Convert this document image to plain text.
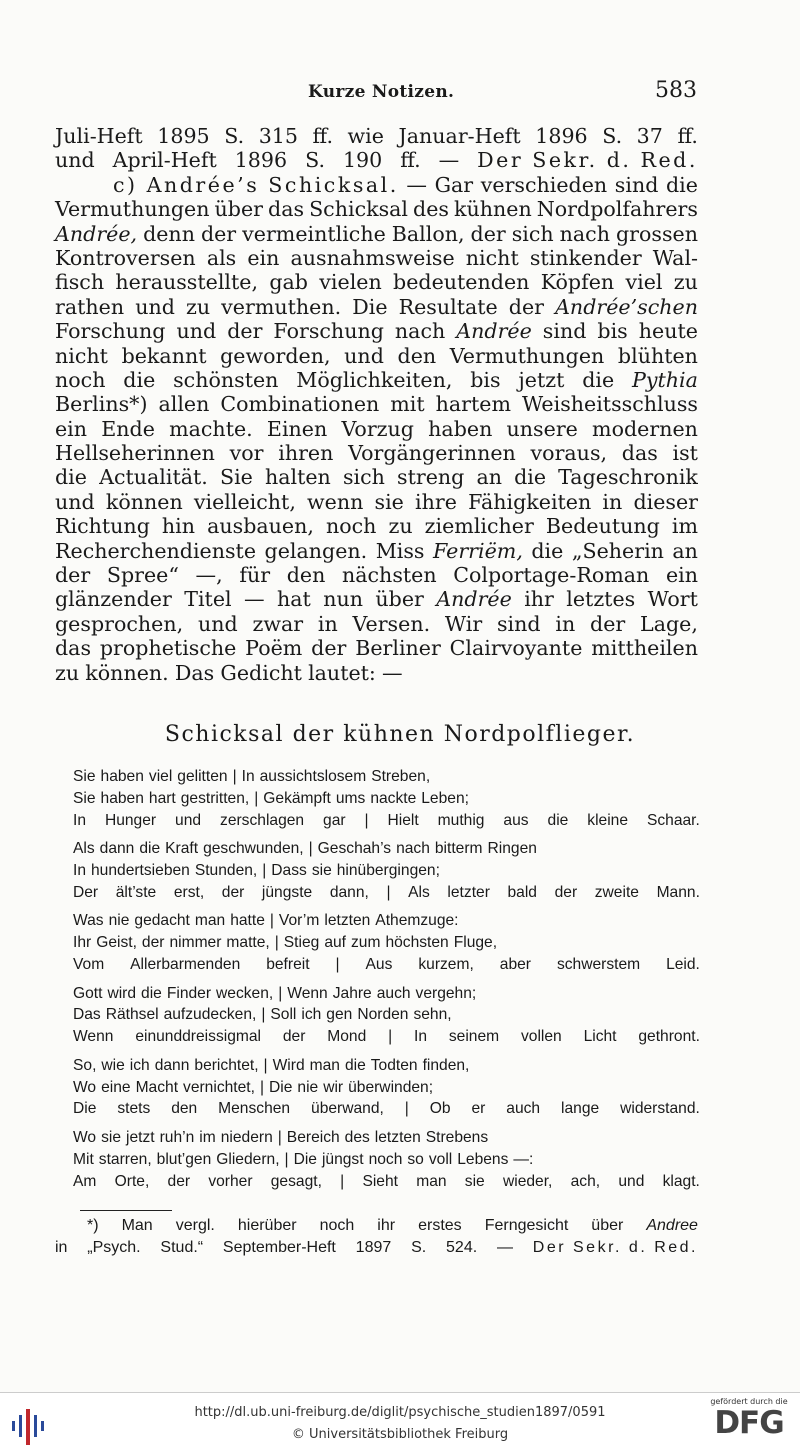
Kurze Notizen.	583
Juli-Heft 1895 S. 315 ff. wie Januar-Heft 1896 S. 37 ff.
und April-Heft 1896 S. 190 ff. — Der Sekr. d. Red.
c) Andrée’s Schicksal. — Gar verschieden sind die
Vermuthungen über das Schicksal des kühnen Nordpolfahrers
Andrée, denn der vermeintliche Ballon, der sich nach grossen
Kontroversen als ein ausnahmsweise nicht stinkender Wal-
fisch herausstellte, gab vielen bedeutenden Köpfen viel zu
rathen und zu vermuthen. Die Resultate der Andrée’schen
Forschung und der Forschung nach Andrée sind bis heute
nicht bekannt geworden, und den Vermuthungen blühten
noch die schönsten Möglichkeiten, bis jetzt die Pythia
Berlins*) allen Combinationen mit hartem Weisheitsschluss
ein Ende machte. Einen Vorzug haben unsere modernen
Hellseherinnen vor ihren Vorgängerinnen voraus, das ist
die Actualität. Sie halten sich streng an die Tageschronik
und können vielleicht, wenn sie ihre Fähigkeiten in dieser
Richtung hin ausbauen, noch zu ziemlicher Bedeutung im
Recherchendienste gelangen. Miss Ferriëm, die „Seherin an
der Spree“ —, für den nächsten Colportage-Roman ein
glänzender Titel — hat nun über Andrée ihr letztes Wort
gesprochen, und zwar in Versen. Wir sind in der Lage,
das prophetische Poëm der Berliner Clairvoyante mittheilen
zu können. Das Gedicht lautet: —
Schicksal der kühnen Nordpolflieger.
Sie haben viel gelitten | In aussichtslosem Streben,
Sie haben hart gestritten, | Gekämpft ums nackte Leben;
In Hunger und zerschlagen gar | Hielt muthig aus die kleine Schaar.
Als dann die Kraft geschwunden, | Geschah’s nach bitterm Ringen
In hundertsieben Stunden, | Dass sie hinübergingen;
Der ält’ste erst, der jüngste dann, | Als letzter bald der zweite Mann.
Was nie gedacht man hatte | Vor’m letzten Athemzuge:
Ihr Geist, der nimmer matte, | Stieg auf zum höchsten Fluge,
Vom Allerbarmenden befreit | Aus kurzem, aber schwerstem Leid.
Gott wird die Finder wecken, | Wenn Jahre auch vergehn;
Das Räthsel aufzudecken, | Soll ich gen Norden sehn,
Wenn einunddreissigmal der Mond | In seinem vollen Licht gethront.
So, wie ich dann berichtet, | Wird man die Todten finden,
Wo eine Macht vernichtet, | Die nie wir überwinden;
Die stets den Menschen überwand, | Ob er auch lange widerstand.
Wo sie jetzt ruh’n im niedern | Bereich des letzten Strebens
Mit starren, blut’gen Gliedern, | Die jüngst noch so voll Lebens —:
Am Orte, der vorher gesagt, | Sieht man sie wieder, ach, und klagt.
*) Man vergl. hierüber noch ihr erstes Ferngesicht über Andree
in „Psych. Stud.“ September-Heft 1897 S. 524. — Der Sekr. d. Red.
http://dl.ub.uni-freiburg.de/diglit/psychische_studien1897/0591
© Universitätsbibliothek Freiburg
gefördert durch die
DFG
